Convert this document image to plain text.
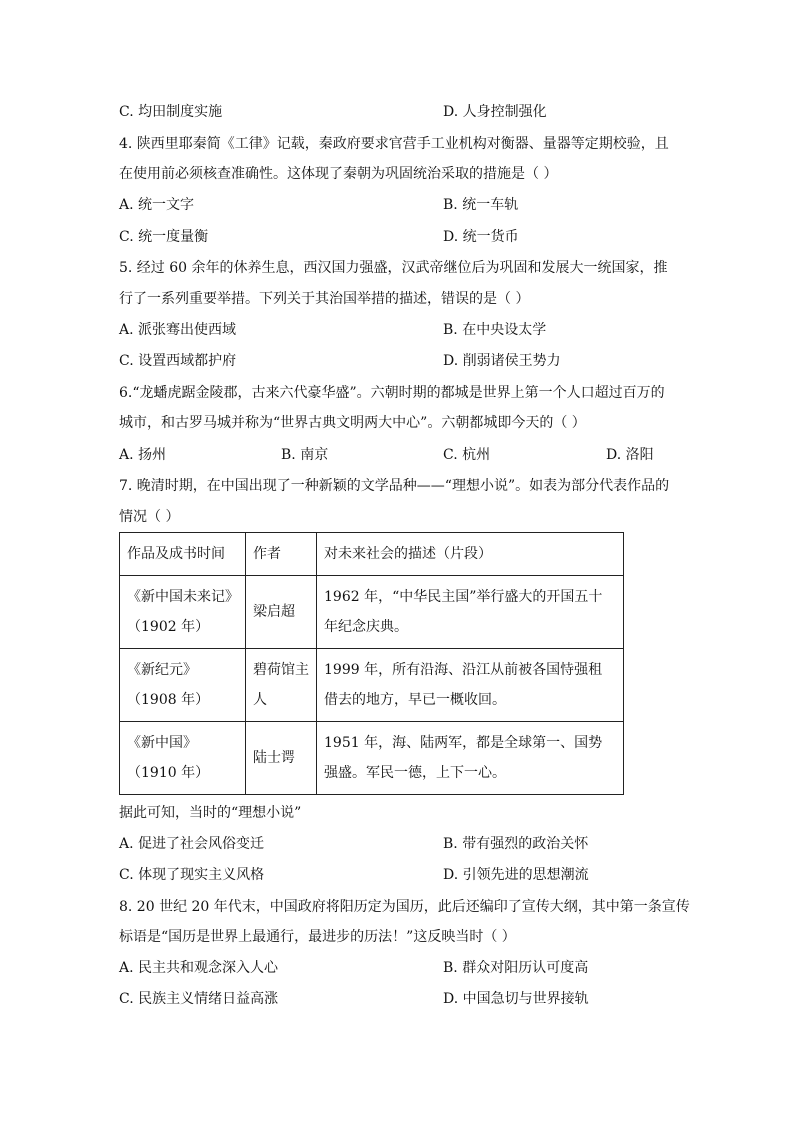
C. 均田制度实施	D. 人身控制强化
4. 陕西里耶秦简《工律》记载，秦政府要求官营手工业机构对衡器、量器等定期校验，且
在使用前必须核查准确性。这体现了秦朝为巩固统治采取的措施是（ ）
A. 统一文字	B. 统一车轨
C. 统一度量衡	D. 统一货币
5. 经过 60 余年的休养生息，西汉国力强盛，汉武帝继位后为巩固和发展大一统国家，推
行了一系列重要举措。下列关于其治国举措的描述，错误的是（ ）
A. 派张骞出使西域	B. 在中央设太学
C. 设置西域都护府	D. 削弱诸侯王势力
6.“龙蟠虎踞金陵郡，古来六代豪华盛”。六朝时期的都城是世界上第一个人口超过百万的
城市，和古罗马城并称为“世界古典文明两大中心”。六朝都城即今天的（ ）
A. 扬州	B. 南京	C. 杭州	D. 洛阳
7. 晚清时期，在中国出现了一种新颖的文学品种——“理想小说”。如表为部分代表作品的
情况（ ）
作品及成书时间	作者	对未来社会的描述（片段）

《新中国未来记》
（1902 年）	梁启超	1962 年，“中华民主国”举行盛大的开国五十年纪念庆典。

《新纪元》
（1908 年）	碧荷馆主人	1999 年，所有沿海、沿江从前被各国恃强租借去的地方，早已一概收回。

《新中国》
（1910 年）	陆士谔	1951 年，海、陆两军，都是全球第一、国势强盛。军民一德，上下一心。
据此可知，当时的“理想小说”
A. 促进了社会风俗变迁	B. 带有强烈的政治关怀
C. 体现了现实主义风格	D. 引领先进的思想潮流
8. 20 世纪 20 年代末，中国政府将阳历定为国历，此后还编印了宣传大纲，其中第一条宣传
标语是“国历是世界上最通行，最进步的历法！”这反映当时（ ）
A. 民主共和观念深入人心	B. 群众对阳历认可度高
C. 民族主义情绪日益高涨	D. 中国急切与世界接轨
